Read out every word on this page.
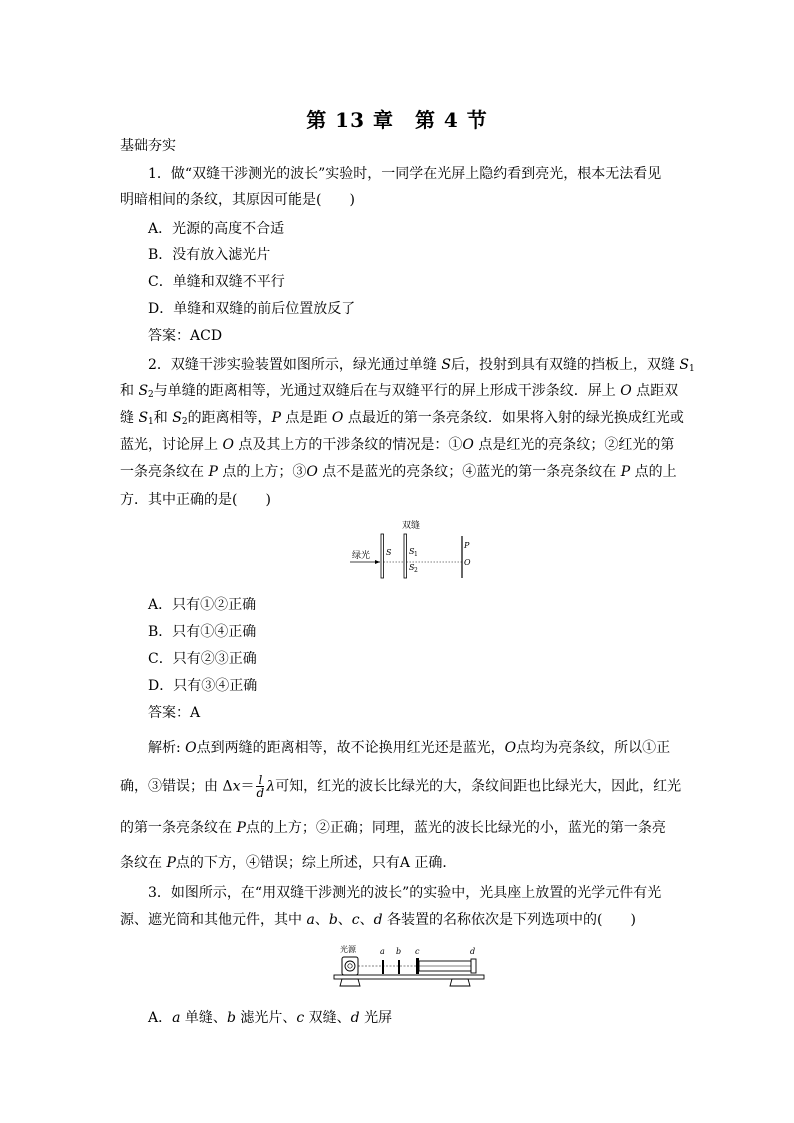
第 13 章　第 4 节
基础夯实
1．做“双缝干涉测光的波长”实验时，一同学在光屏上隐约看到亮光，根本无法看见
明暗相间的条纹，其原因可能是(　　)
A．光源的高度不合适
B．没有放入滤光片
C．单缝和双缝不平行
D．单缝和双缝的前后位置放反了
答案：ACD
2．双缝干涉实验装置如图所示，绿光通过单缝 S后，投射到具有双缝的挡板上，双缝 $S_1$
和 $S_2$与单缝的距离相等，光通过双缝后在与双缝平行的屏上形成干涉条纹．屏上 O 点距双
缝 $S_1$和 $S_2$的距离相等，P 点是距 O 点最近的第一条亮条纹．如果将入射的绿光换成红光或
蓝光，讨论屏上 O 点及其上方的干涉条纹的情况是：①O 点是红光的亮条纹；②红光的第
一条亮条纹在 P 点的上方；③O 点不是蓝光的亮条纹；④蓝光的第一条亮条纹在 P 点的上
方．其中正确的是(　　)
双缝
绿光 S S 1
S 2
P
O
A．只有①②正确
B．只有①④正确
C．只有②③正确
D．只有③④正确
答案：A
解析: O点到两缝的距离相等，故不论换用红光还是蓝光，O点均为亮条纹，所以①正
确，③错误；由 $\Delta x= \frac{l}{d}$ λ可知，红光的波长比绿光的大，条纹间距也比绿光大，因此，红光
的第一条亮条纹在 P点的上方；②正确；同理，蓝光的波长比绿光的小，蓝光的第一条亮
条纹在 P点的下方，④错误；综上所述，只有A 正确．
3．如图所示，在“用双缝干涉测光的波长”的实验中，光具座上放置的光学元件有光
源、遮光筒和其他元件，其中 a、b、c、d 各装置的名称依次是下列选项中的(　　)
光源	a b c	d
A．a 单缝、b 滤光片、c 双缝、d 光屏
